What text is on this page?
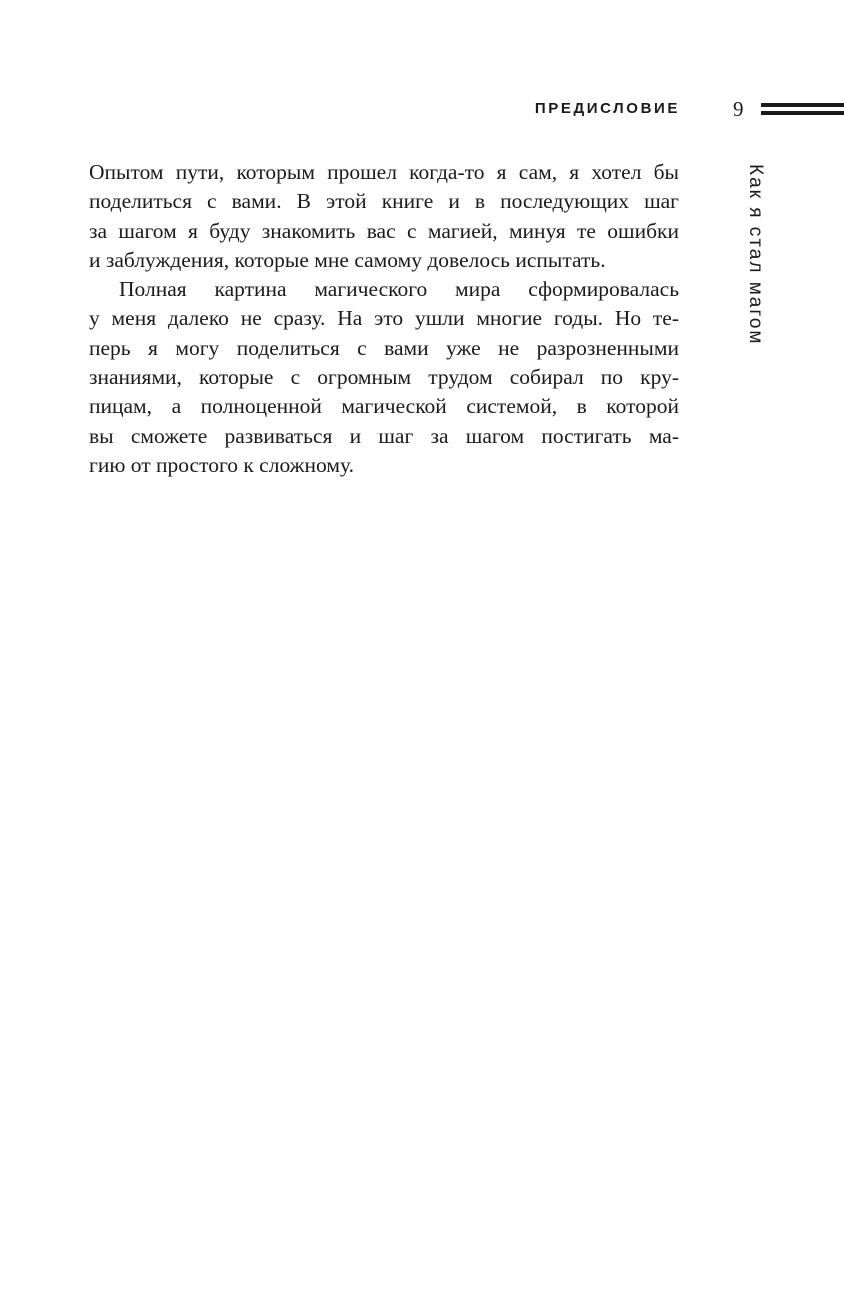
ПРЕДИСЛОВИЕ	9
Как я стал магом

Опытом пути, которым прошел когда-то я сам, я хотел бы
поделиться с вами. В этой книге и в последующих шаг
за шагом я буду знакомить вас с магией, минуя те ошибки
и заблуждения, которые мне самому довелось испытать.

Полная картина магического мира сформировалась
у меня далеко не сразу. На это ушли многие годы. Но те-
перь я могу поделиться с вами уже не разрозненными
знаниями, которые с огромным трудом собирал по кру-
пицам, а полноценной магической системой, в которой
вы сможете развиваться и шаг за шагом постигать ма-
гию от простого к сложному.
